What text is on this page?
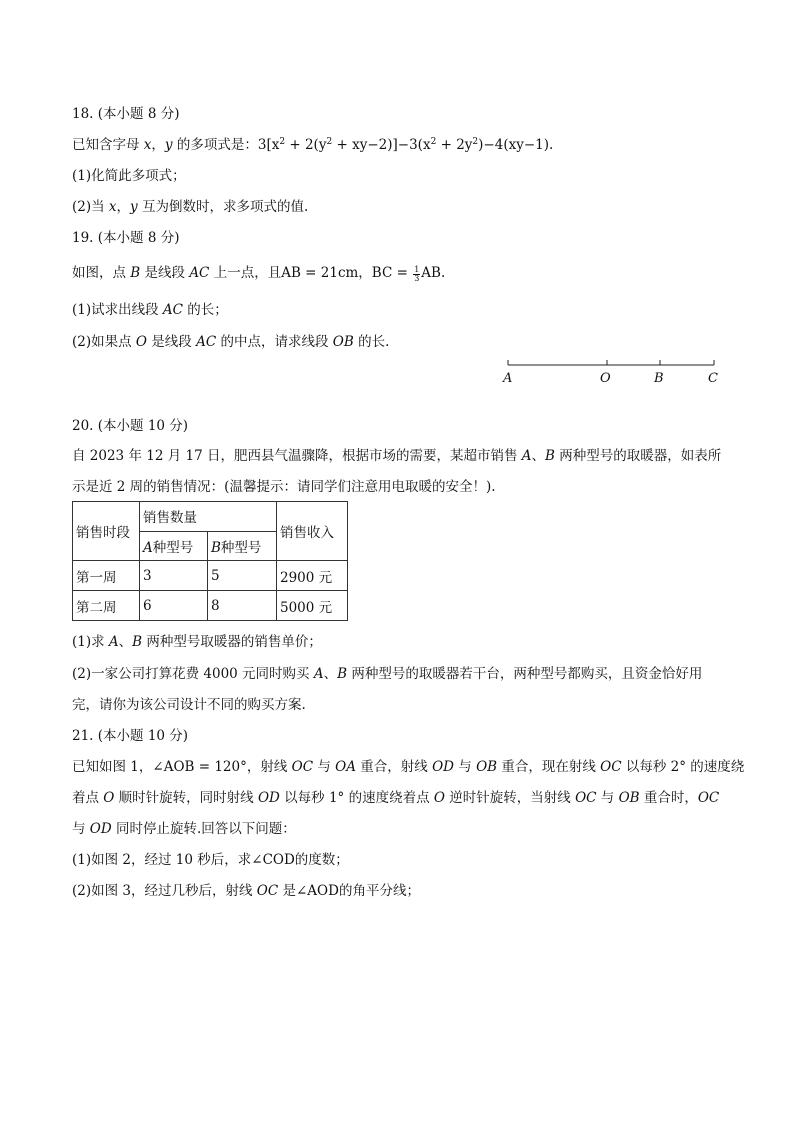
18. (本小题 8 分)
已知含字母 x，y 的多项式是：$3[x^2 + 2(y^2 + xy-2)]-3(x^2 + 2y^2)-4(xy-1)$.
(1)化简此多项式；
(2)当 x，y 互为倒数时，求多项式的值.
19. (本小题 8 分)
如图，点 B 是线段 AC 上一点，且AB = 21cm，BC = $\frac{1}{3}$ AB.
(1)试求出线段 AC 的长；
(2)如果点 O 是线段 AC 的中点，请求线段 OB 的长.
A	O	B	C
20. (本小题 10 分)
自 2023 年 12 月 17 日，肥西县气温骤降，根据市场的需要，某超市销售 A、B 两种型号的取暖器，如表所
示是近 2 周的销售情况：(温馨提示：请同学们注意用电取暖的安全！).
销售时段	销售数量		销售收入
	A种型号	B种型号	
第一周	3	5	2900 元
第二周	6	8	5000 元
(1)求 A、B 两种型号取暖器的销售单价；
(2)一家公司打算花费 4000 元同时购买 A、B 两种型号的取暖器若干台，两种型号都购买，且资金恰好用
完，请你为该公司设计不同的购买方案.
21. (本小题 10 分)
已知如图 1，∠AOB = 120°，射线 OC 与 OA 重合，射线 OD 与 OB 重合，现在射线 OC 以每秒 2° 的速度绕
着点 O 顺时针旋转，同时射线 OD 以每秒 1° 的速度绕着点 O 逆时针旋转，当射线 OC 与 OB 重合时，OC
与 OD 同时停止旋转.回答以下问题：
(1)如图 2，经过 10 秒后，求∠COD的度数；
(2)如图 3，经过几秒后，射线 OC 是∠AOD的角平分线；
